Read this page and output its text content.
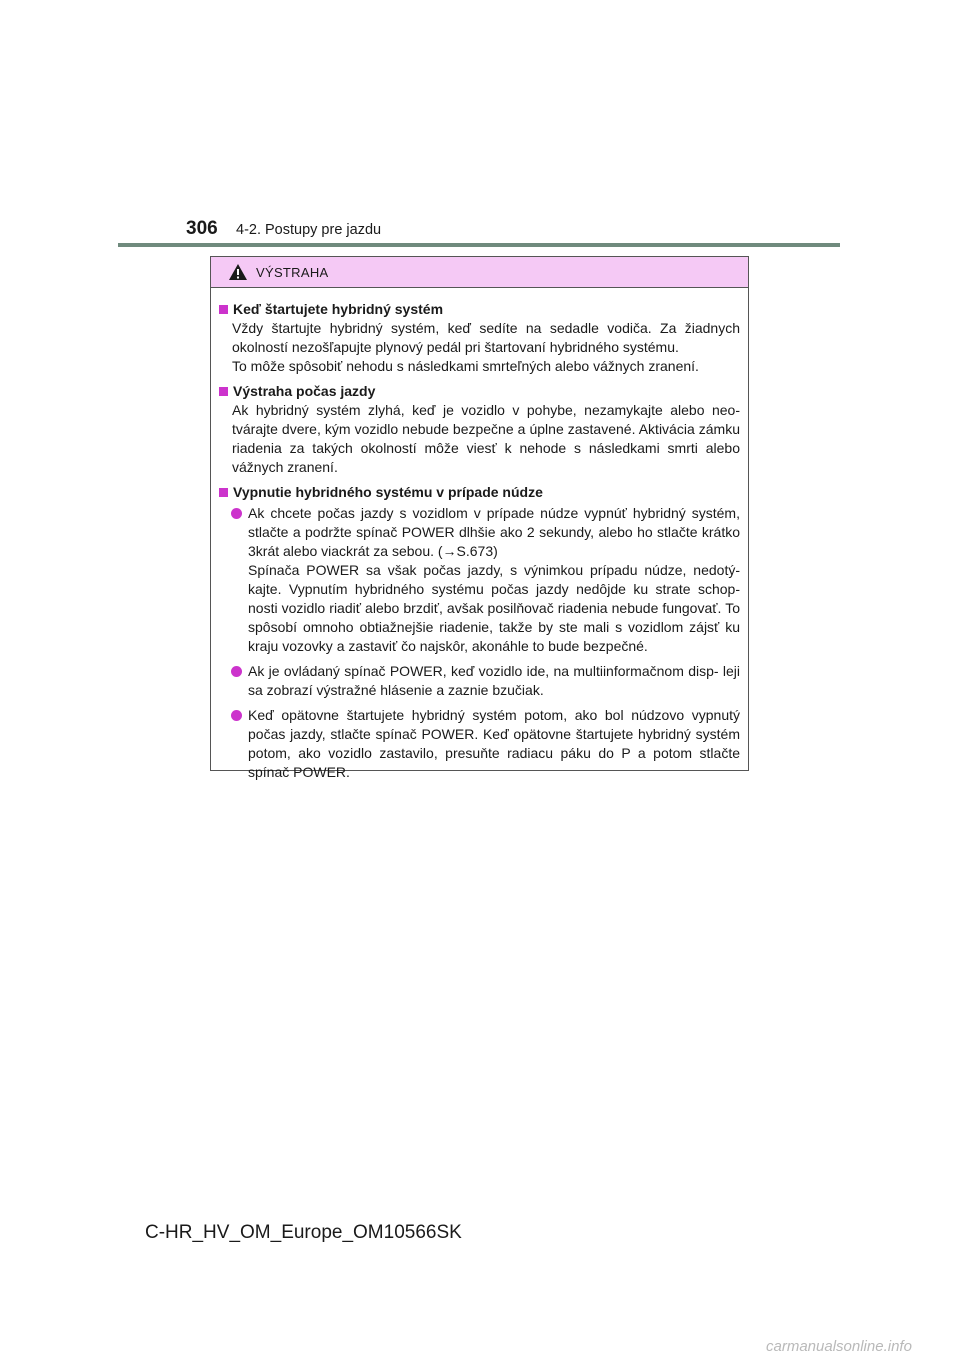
306 4-2. Postupy pre jazdu
VÝSTRAHA
Keď štartujete hybridný systém
Vždy štartujte hybridný systém, keď sedíte na sedadle vodiča. Za žiadnych
okolností nezošľapujte plynový pedál pri štartovaní hybridného systému.
To môže spôsobiť nehodu s následkami smrteľných alebo vážnych zranení.
Výstraha počas jazdy
Ak hybridný systém zlyhá, keď je vozidlo v pohybe, nezamykajte alebo neo- tvárajte dvere, kým vozidlo nebude bezpečne a úplne zastavené. Aktivácia zámku riadenia za takých okolností môže viesť k nehode s následkami smrti alebo vážnych zranení.
Vypnutie hybridného systému v prípade núdze

Ak chcete počas jazdy s vozidlom v prípade núdze vypnúť hybridný systém, stlačte a podržte spínač POWER dlhšie ako 2 sekundy, alebo ho stlačte krátko 3krát alebo viackrát za sebou. (→S.673)

Spínača POWER sa však počas jazdy, s výnimkou prípadu núdze, nedotý- kajte. Vypnutím hybridného systému počas jazdy nedôjde ku strate schop- nosti vozidlo riadiť alebo brzdiť, avšak posilňovač riadenia nebude fungovať. To spôsobí omnoho obtiažnejšie riadenie, takže by ste mali s vozidlom zájsť ku kraju vozovky a zastaviť čo najskôr, akonáhle to bude bezpečné.

Ak je ovládaný spínač POWER, keď vozidlo ide, na multiinformačnom disp- leji sa zobrazí výstražné hlásenie a zaznie bzučiak.

Keď opätovne štartujete hybridný systém potom, ako bol núdzovo vypnutý počas jazdy, stlačte spínač POWER. Keď opätovne štartujete hybridný systém potom, ako vozidlo zastavilo, presuňte radiacu páku do P a potom stlačte spínač POWER.

C-HR_HV_OM_Europe_OM10566SK
carmanualsonline.info
